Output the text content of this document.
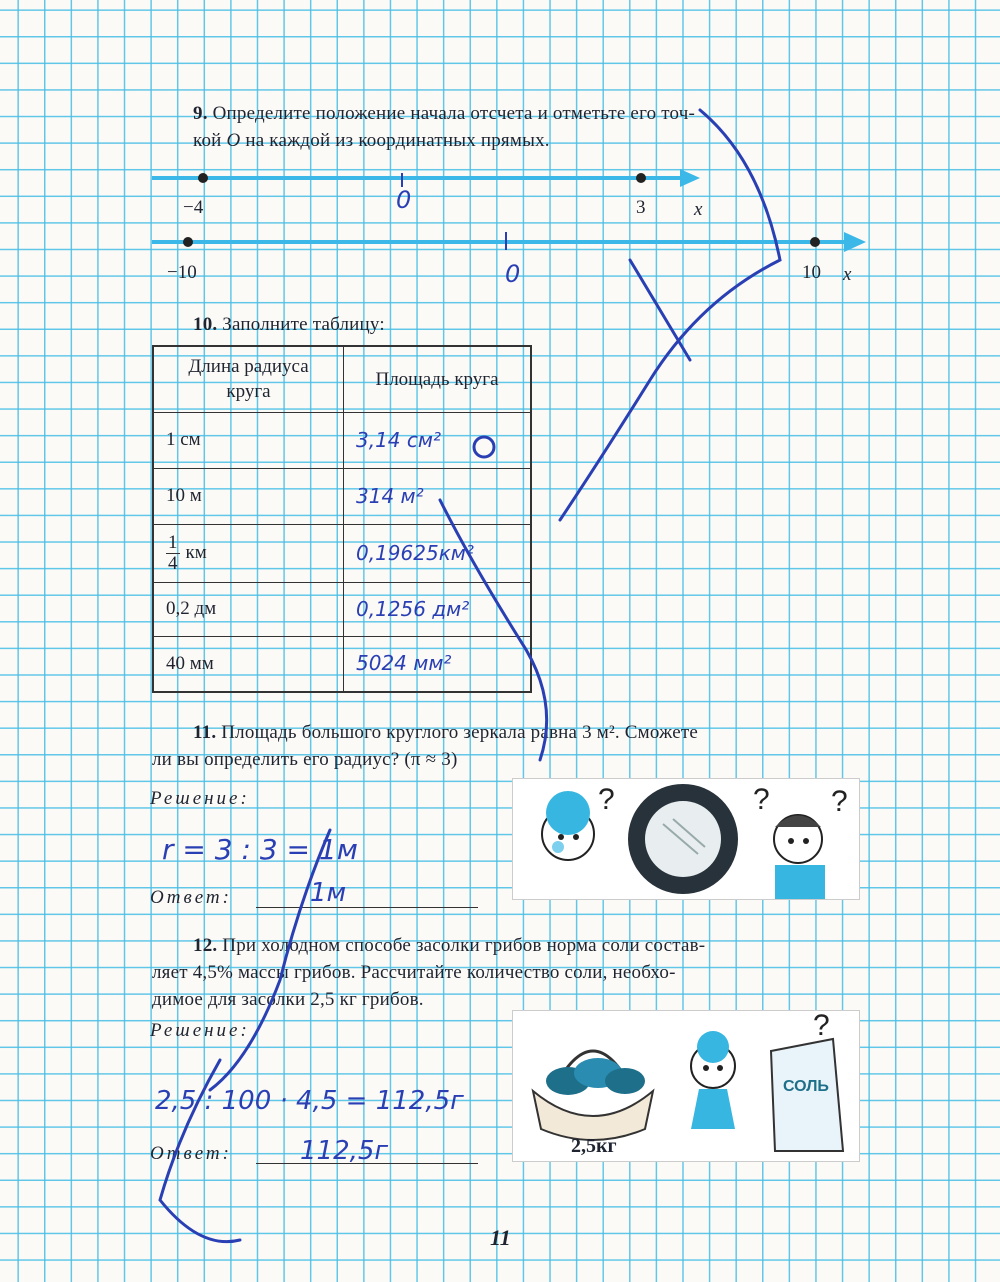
9. Определите положение начала отсчета и отметьте его точ-
кой O на каждой из координатных прямых.
−4	3	x
0
−10	10 x
0
10. Заполните таблицу:
Длина радиуса круга	Площадь круга
1 см	3,14 см²
10 м	314 м²

$\frac{1}{4}$ км	0,19625км²
0,2 дм	0,1256 дм²
40 мм	5024 мм²
11. Площадь большого круглого зеркала равна 3 м². Сможете
ли вы определить его радиус? (π ≈ 3)
Решение:
r = 3 : 3 = 1м
Ответ:	1м
?	?
?
12. При холодном способе засолки грибов норма соли состав-
ляет 4,5% массы грибов. Рассчитайте количество соли, необхо-
димое для засолки 2,5 кг грибов.
Решение:
2,5 : 100 · 4,5 = 112,5г
Ответ:	112,5г
СОЛЬ
?
2,5кг
11
